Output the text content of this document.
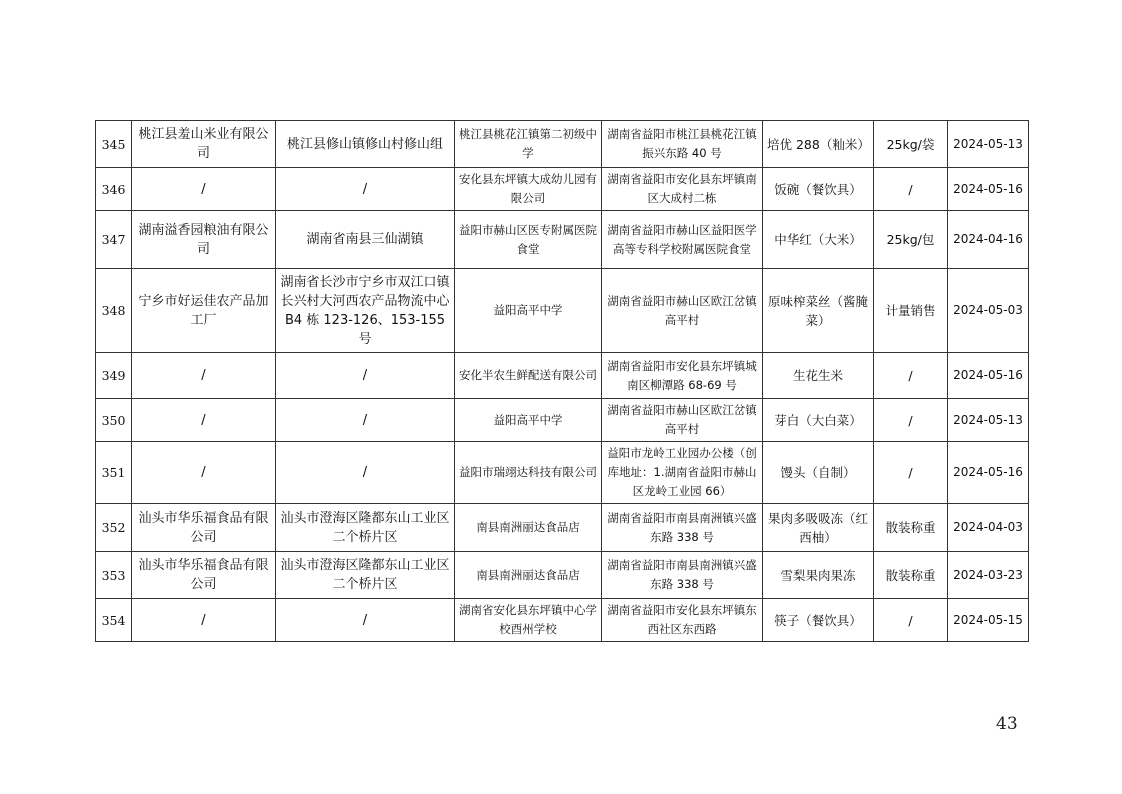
345	桃江县羞山米业有限公司	桃江县修山镇修山村修山组	桃江县桃花江镇第二初级中学	湖南省益阳市桃江县桃花江镇振兴东路 40 号	培优 288（籼米）	25kg/袋	2024-05-13
346	/	/	安化县东坪镇大成幼儿园有限公司	湖南省益阳市安化县东坪镇南区大成村二栋	饭碗（餐饮具）	/	2024-05-16
347	湖南溢香园粮油有限公司	湖南省南县三仙湖镇	益阳市赫山区医专附属医院食堂	湖南省益阳市赫山区益阳医学高等专科学校附属医院食堂	中华红（大米）	25kg/包	2024-04-16
348	宁乡市好运佳农产品加工厂	湖南省长沙市宁乡市双江口镇长兴村大河西农产品物流中心 B4 栋 123-126、153-155 号	益阳高平中学	湖南省益阳市赫山区欧江岔镇高平村	原味榨菜丝（酱腌菜）	计量销售	2024-05-03
349	/	/	安化半农生鲜配送有限公司	湖南省益阳市安化县东坪镇城南区柳潭路 68-69 号	生花生米	/	2024-05-16
350	/	/	益阳高平中学	湖南省益阳市赫山区欧江岔镇高平村	芽白（大白菜）	/	2024-05-13
351	/	/	益阳市瑞翊达科技有限公司	益阳市龙岭工业园办公楼（创库地址：1.湖南省益阳市赫山区龙岭工业园 66）	馒头（自制）	/	2024-05-16
352	汕头市华乐福食品有限公司	汕头市澄海区隆都东山工业区二个桥片区	南县南洲丽达食品店	湖南省益阳市南县南洲镇兴盛东路 338 号	果肉多吸吸冻（红西柚）	散装称重	2024-04-03
353	汕头市华乐福食品有限公司	汕头市澄海区隆都东山工业区二个桥片区	南县南洲丽达食品店	湖南省益阳市南县南洲镇兴盛东路 338 号	雪梨果肉果冻	散装称重	2024-03-23
354	/	/	湖南省安化县东坪镇中心学校酉州学校	湖南省益阳市安化县东坪镇东西社区东西路	筷子（餐饮具）	/	2024-05-15
43
